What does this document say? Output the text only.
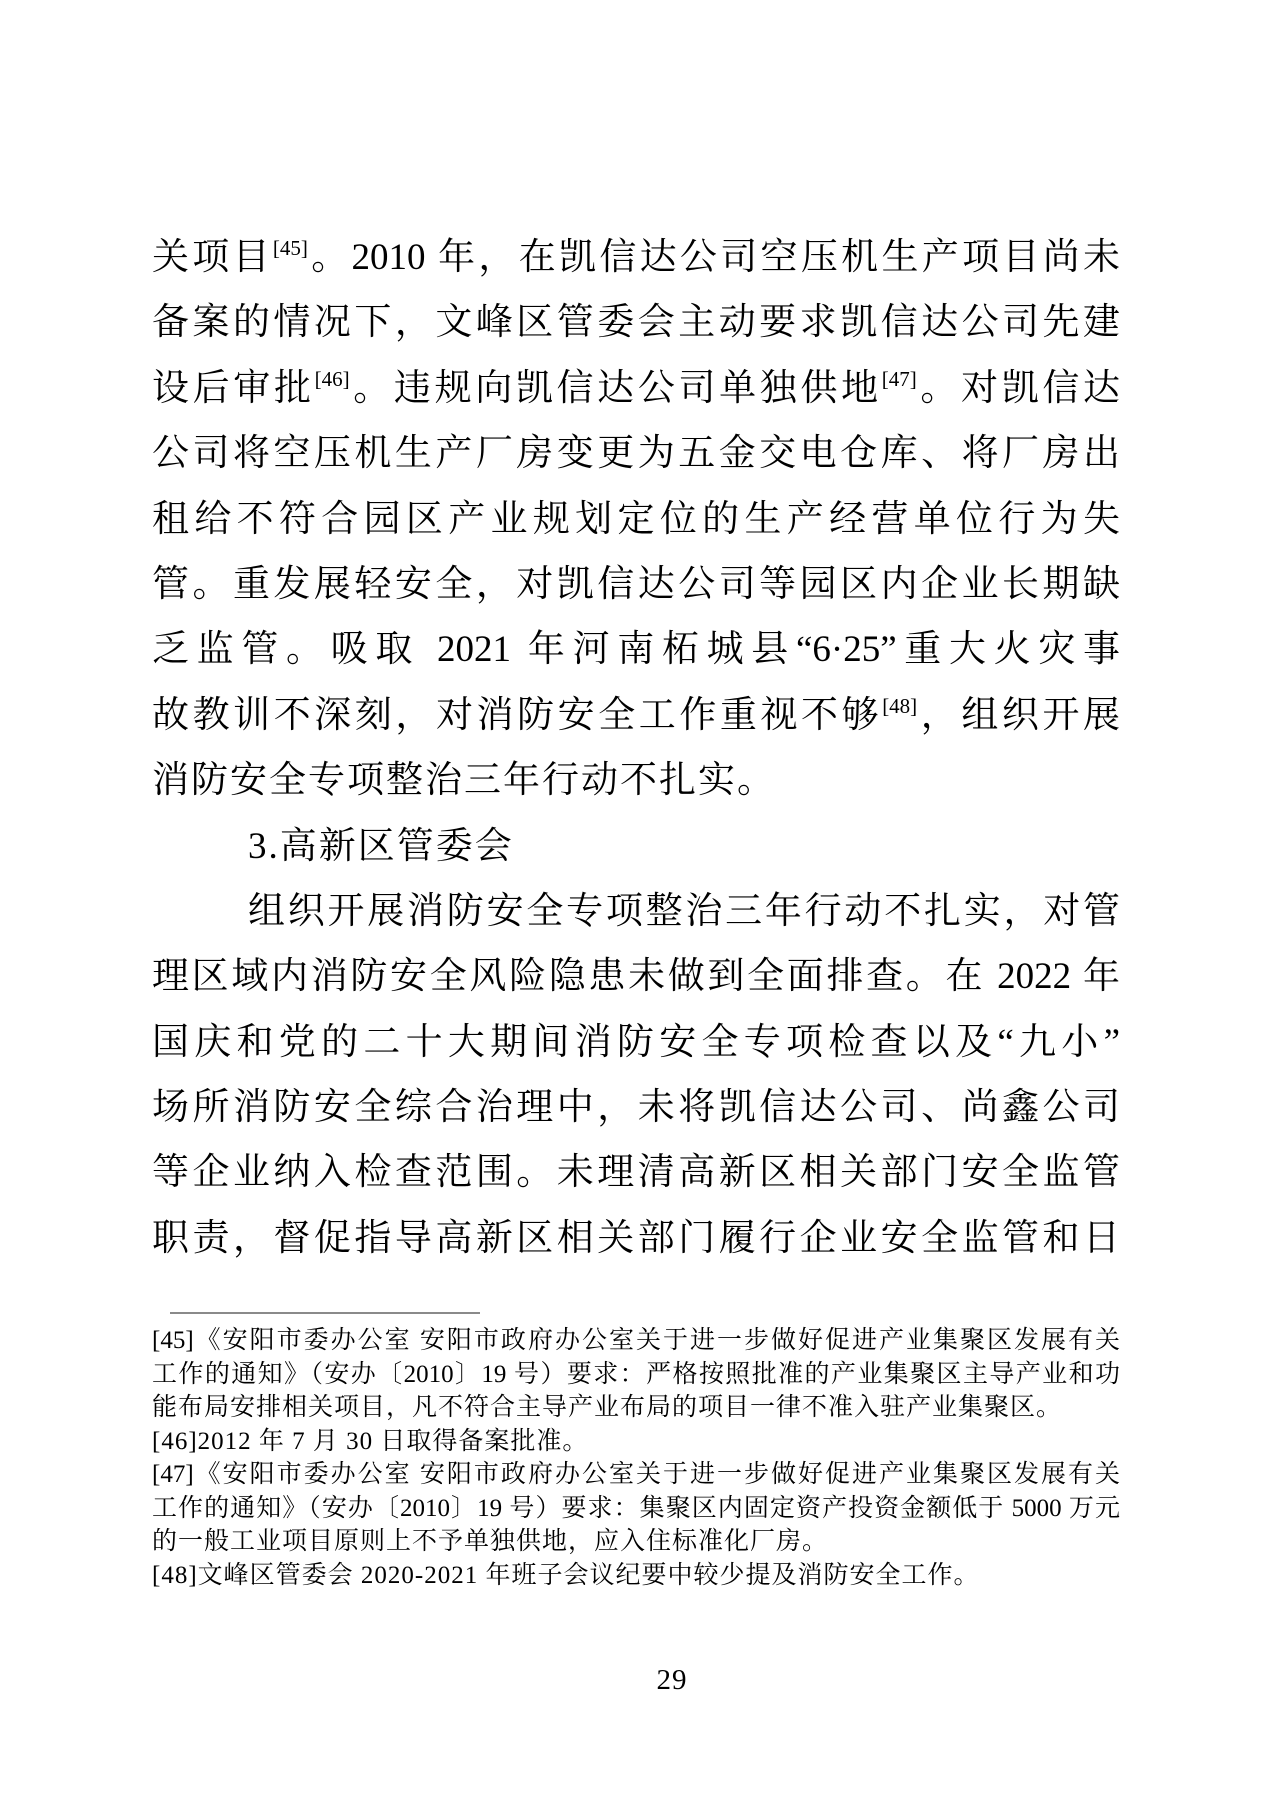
关项目[45]。2010 年，在凯信达公司空压机生产项目尚未
备案的情况下，文峰区管委会主动要求凯信达公司先建
设后审批[46]。违规向凯信达公司单独供地[47]。对凯信达
公司将空压机生产厂房变更为五金交电仓库、将厂房出
租给不符合园区产业规划定位的生产经营单位行为失
管。重发展轻安全，对凯信达公司等园区内企业长期缺
乏监管。吸取 2021 年河南柘城县“6·25”重大火灾事
故教训不深刻，对消防安全工作重视不够[48]，组织开展
消防安全专项整治三年行动不扎实。
3.高新区管委会
组织开展消防安全专项整治三年行动不扎实，对管
理区域内消防安全风险隐患未做到全面排查。在 2022 年
国庆和党的二十大期间消防安全专项检查以及“九小”
场所消防安全综合治理中，未将凯信达公司、尚鑫公司
等企业纳入检查范围。未理清高新区相关部门安全监管
职责，督促指导高新区相关部门履行企业安全监管和日
[45]《安阳市委办公室 安阳市政府办公室关于进一步做好促进产业集聚区发展有关
工作的通知》（安办〔2010〕19 号）要求：严格按照批准的产业集聚区主导产业和功
能布局安排相关项目，凡不符合主导产业布局的项目一律不准入驻产业集聚区。
[46]2012 年 7 月 30 日取得备案批准。
[47]《安阳市委办公室 安阳市政府办公室关于进一步做好促进产业集聚区发展有关
工作的通知》（安办〔2010〕19 号）要求：集聚区内固定资产投资金额低于 5000 万元
的一般工业项目原则上不予单独供地，应入住标准化厂房。
[48]文峰区管委会 2020-2021 年班子会议纪要中较少提及消防安全工作。
29
